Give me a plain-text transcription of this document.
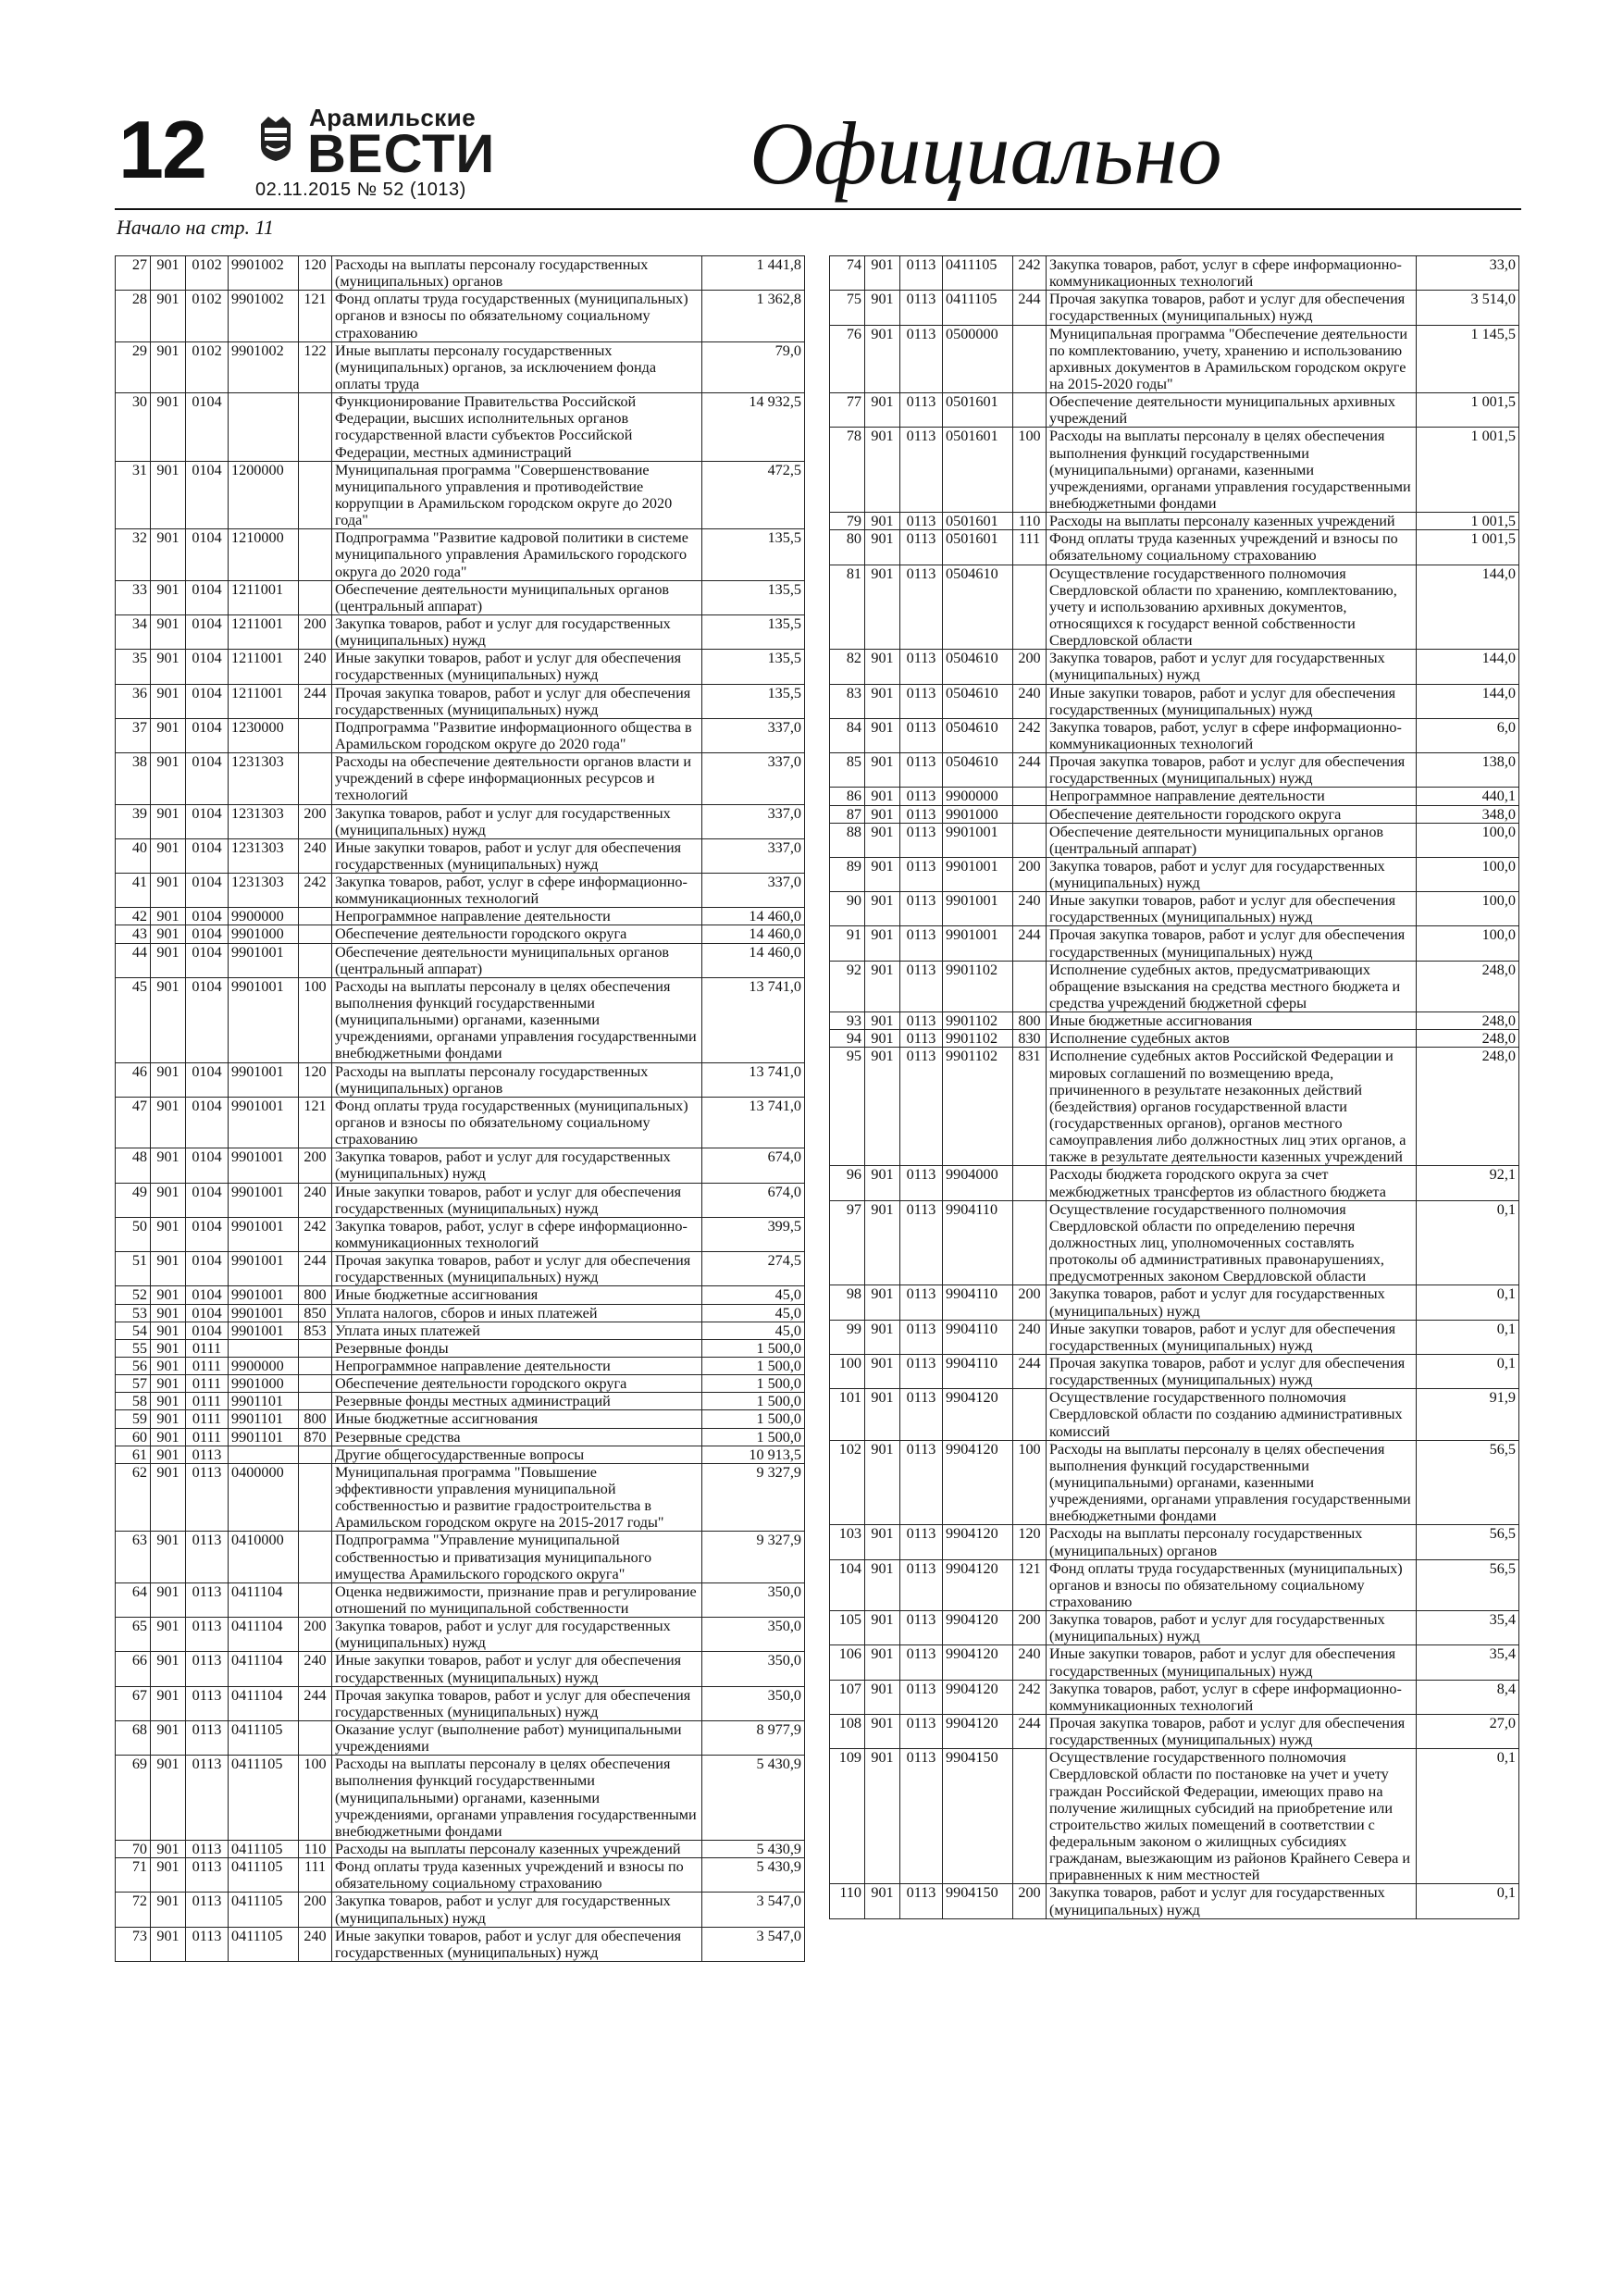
12	Арамильские
ВЕСТИ
02.11.2015 № 52 (1013)	Официально
Начало на стр. 11
27	901	0102	9901002	120	Расходы на выплаты персоналу государственных (муниципальных) органов	1 441,8
28	901	0102	9901002	121	Фонд оплаты труда государственных (муниципальных) органов и взносы по обязательному социальному страхованию	1 362,8
29	901	0102	9901002	122	Иные выплаты персоналу государственных (муниципальных) органов, за исключением фонда оплаты труда	79,0
30	901	0104			Функционирование Правительства Российской Федерации, высших исполнительных органов государственной власти субъектов Российской Федерации, местных администраций	14 932,5
31	901	0104	1200000		Муниципальная программа "Совершенствование муниципального управления и противодействие коррупции в Арамильском городском округе до 2020 года"	472,5
32	901	0104	1210000		Подпрограмма "Развитие кадровой политики в системе муниципального управления Арамильского городского округа до 2020 года"	135,5
33	901	0104	1211001		Обеспечение деятельности муниципальных органов (центральный аппарат)	135,5
34	901	0104	1211001	200	Закупка товаров, работ и услуг для государственных (муниципальных) нужд	135,5
35	901	0104	1211001	240	Иные закупки товаров, работ и услуг для обеспечения государственных (муниципальных) нужд	135,5
36	901	0104	1211001	244	Прочая закупка товаров, работ и услуг для обеспечения государственных (муниципальных) нужд	135,5
37	901	0104	1230000		Подпрограмма "Развитие информационного общества в Арамильском городском округе до 2020 года"	337,0
38	901	0104	1231303		Расходы на обеспечение деятельности органов власти и учреждений в сфере информационных ресурсов и технологий	337,0
39	901	0104	1231303	200	Закупка товаров, работ и услуг для государственных (муниципальных) нужд	337,0
40	901	0104	1231303	240	Иные закупки товаров, работ и услуг для обеспечения государственных (муниципальных) нужд	337,0
41	901	0104	1231303	242	Закупка товаров, работ, услуг в сфере информационно-коммуникационных технологий	337,0
42	901	0104	9900000		Непрограммное направление деятельности	14 460,0
43	901	0104	9901000		Обеспечение деятельности городского округа	14 460,0
44	901	0104	9901001		Обеспечение деятельности муниципальных органов (центральный аппарат)	14 460,0
45	901	0104	9901001	100	Расходы на выплаты персоналу в целях обеспечения выполнения функций государственными (муниципальными) органами, казенными учреждениями, органами управления государственными внебюджетными фондами	13 741,0
46	901	0104	9901001	120	Расходы на выплаты персоналу государственных (муниципальных) органов	13 741,0
47	901	0104	9901001	121	Фонд оплаты труда государственных (муниципальных) органов и взносы по обязательному социальному страхованию	13 741,0
48	901	0104	9901001	200	Закупка товаров, работ и услуг для государственных (муниципальных) нужд	674,0
49	901	0104	9901001	240	Иные закупки товаров, работ и услуг для обеспечения государственных (муниципальных) нужд	674,0
50	901	0104	9901001	242	Закупка товаров, работ, услуг в сфере информационно-коммуникационных технологий	399,5
51	901	0104	9901001	244	Прочая закупка товаров, работ и услуг для обеспечения государственных (муниципальных) нужд	274,5
52	901	0104	9901001	800	Иные бюджетные ассигнования	45,0
53	901	0104	9901001	850	Уплата налогов, сборов и иных платежей	45,0
54	901	0104	9901001	853	Уплата иных платежей	45,0
55	901	0111			Резервные фонды	1 500,0
56	901	0111	9900000		Непрограммное направление деятельности	1 500,0
57	901	0111	9901000		Обеспечение деятельности городского округа	1 500,0
58	901	0111	9901101		Резервные фонды местных администраций	1 500,0
59	901	0111	9901101	800	Иные бюджетные ассигнования	1 500,0
60	901	0111	9901101	870	Резервные средства	1 500,0
61	901	0113			Другие общегосударственные вопросы	10 913,5
62	901	0113	0400000		Муниципальная программа "Повышение эффективности управления муниципальной собственностью и развитие градостроительства в Арамильском городском округе на 2015-2017 годы"	9 327,9
63	901	0113	0410000		Подпрограмма "Управление муниципальной собственностью и приватизация муниципального имущества Арамильского городского округа"	9 327,9
64	901	0113	0411104		Оценка недвижимости, признание прав и регулирование отношений по муниципальной собственности	350,0
65	901	0113	0411104	200	Закупка товаров, работ и услуг для государственных (муниципальных) нужд	350,0
66	901	0113	0411104	240	Иные закупки товаров, работ и услуг для обеспечения государственных (муниципальных) нужд	350,0
67	901	0113	0411104	244	Прочая закупка товаров, работ и услуг для обеспечения государственных (муниципальных) нужд	350,0
68	901	0113	0411105		Оказание услуг (выполнение работ) муниципальными учреждениями	8 977,9
69	901	0113	0411105	100	Расходы на выплаты персоналу в целях обеспечения выполнения функций государственными (муниципальными) органами, казенными учреждениями, органами управления государственными внебюджетными фондами	5 430,9
70	901	0113	0411105	110	Расходы на выплаты персоналу казенных учреждений	5 430,9
71	901	0113	0411105	111	Фонд оплаты труда казенных учреждений и взносы по обязательному социальному страхованию	5 430,9
72	901	0113	0411105	200	Закупка товаров, работ и услуг для государственных (муниципальных) нужд	3 547,0
73	901	0113	0411105	240	Иные закупки товаров, работ и услуг для обеспечения государственных (муниципальных) нужд	3 547,0
74	901	0113	0411105	242	Закупка товаров, работ, услуг в сфере информационно-коммуникационных технологий	33,0
75	901	0113	0411105	244	Прочая закупка товаров, работ и услуг для обеспечения государственных (муниципальных) нужд	3 514,0
76	901	0113	0500000		Муниципальная программа "Обеспечение деятельности по комплектованию, учету, хранению и использованию архивных документов в Арамильском городском округе на 2015-2020 годы"	1 145,5
77	901	0113	0501601		Обеспечение деятельности муниципальных архивных учреждений	1 001,5
78	901	0113	0501601	100	Расходы на выплаты персоналу в целях обеспечения выполнения функций государственными (муниципальными) органами, казенными учреждениями, органами управления государственными внебюджетными фондами	1 001,5
79	901	0113	0501601	110	Расходы на выплаты персоналу казенных учреждений	1 001,5
80	901	0113	0501601	111	Фонд оплаты труда казенных учреждений и взносы по обязательному социальному страхованию	1 001,5
81	901	0113	0504610		Осуществление государственного полномочия Свердловской области по хранению, комплектованию, учету и использованию архивных документов, относящихся к государст венной собственности Свердловской области	144,0
82	901	0113	0504610	200	Закупка товаров, работ и услуг для государственных (муниципальных) нужд	144,0
83	901	0113	0504610	240	Иные закупки товаров, работ и услуг для обеспечения государственных (муниципальных) нужд	144,0
84	901	0113	0504610	242	Закупка товаров, работ, услуг в сфере информационно-коммуникационных технологий	6,0
85	901	0113	0504610	244	Прочая закупка товаров, работ и услуг для обеспечения государственных (муниципальных) нужд	138,0
86	901	0113	9900000		Непрограммное направление деятельности	440,1
87	901	0113	9901000		Обеспечение деятельности городского округа	348,0
88	901	0113	9901001		Обеспечение деятельности муниципальных органов (центральный аппарат)	100,0
89	901	0113	9901001	200	Закупка товаров, работ и услуг для государственных (муниципальных) нужд	100,0
90	901	0113	9901001	240	Иные закупки товаров, работ и услуг для обеспечения государственных (муниципальных) нужд	100,0
91	901	0113	9901001	244	Прочая закупка товаров, работ и услуг для обеспечения государственных (муниципальных) нужд	100,0
92	901	0113	9901102		Исполнение судебных актов, предусматривающих обращение взыскания на средства местного бюджета и средства учреждений бюджетной сферы	248,0
93	901	0113	9901102	800	Иные бюджетные ассигнования	248,0
94	901	0113	9901102	830	Исполнение судебных актов	248,0
95	901	0113	9901102	831	Исполнение судебных актов Российской Федерации и мировых соглашений по возмещению вреда, причиненного в результате незаконных действий (бездействия) органов государственной власти (государственных органов), органов местного самоуправления либо должностных лиц этих органов, а также в результате деятельности казенных учреждений	248,0
96	901	0113	9904000		Расходы бюджета городского округа за счет межбюджетных трансфертов из областного бюджета	92,1
97	901	0113	9904110		Осуществление государственного полномочия Свердловской области по определению перечня должностных лиц, уполномоченных составлять протоколы об административных правонарушениях, предусмотренных законом Свердловской области	0,1
98	901	0113	9904110	200	Закупка товаров, работ и услуг для государственных (муниципальных) нужд	0,1
99	901	0113	9904110	240	Иные закупки товаров, работ и услуг для обеспечения государственных (муниципальных) нужд	0,1
100	901	0113	9904110	244	Прочая закупка товаров, работ и услуг для обеспечения государственных (муниципальных) нужд	0,1
101	901	0113	9904120		Осуществление государственного полномочия Свердловской области по созданию административных комиссий	91,9
102	901	0113	9904120	100	Расходы на выплаты персоналу в целях обеспечения выполнения функций государственными (муниципальными) органами, казенными учреждениями, органами управления государственными внебюджетными фондами	56,5
103	901	0113	9904120	120	Расходы на выплаты персоналу государственных (муниципальных) органов	56,5
104	901	0113	9904120	121	Фонд оплаты труда государственных (муниципальных) органов и взносы по обязательному социальному страхованию	56,5
105	901	0113	9904120	200	Закупка товаров, работ и услуг для государственных (муниципальных) нужд	35,4
106	901	0113	9904120	240	Иные закупки товаров, работ и услуг для обеспечения государственных (муниципальных) нужд	35,4
107	901	0113	9904120	242	Закупка товаров, работ, услуг в сфере информационно-коммуникационных технологий	8,4
108	901	0113	9904120	244	Прочая закупка товаров, работ и услуг для обеспечения государственных (муниципальных) нужд	27,0
109	901	0113	9904150		Осуществление государственного полномочия Свердловской области по постановке на учет и учету граждан Российской Федерации, имеющих право на получение жилищных субсидий на приобретение или строительство жилых помещений в соответствии с федеральным законом о жилищных субсидиях гражданам, выезжающим из районов Крайнего Севера и приравненных к ним местностей	0,1
110	901	0113	9904150	200	Закупка товаров, работ и услуг для государственных (муниципальных) нужд	0,1
